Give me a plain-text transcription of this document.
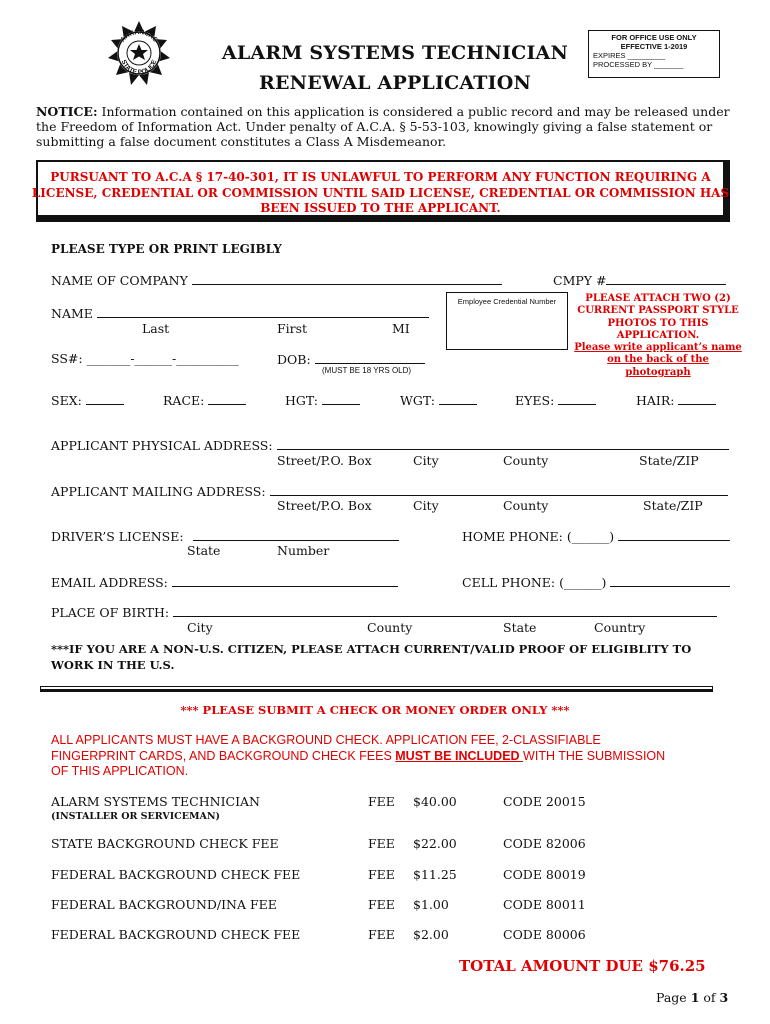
ARKANSAS
STATE POLICE	ALARM SYSTEMS TECHNICIAN
RENEWAL APPLICATION
FOR OFFICE USE ONLY
EFFECTIVE 1-2019
EXPIRES _________
PROCESSED BY _______
NOTICE: Information contained on this application is considered a public record and may be released under the Freedom of Information Act. Under penalty of A.C.A. § 5-53-103, knowingly giving a false statement or submitting a false document constitutes a Class A Misdemeanor.
PURSUANT TO A.C.A § 17-40-301, IT IS UNLAWFUL TO PERFORM ANY FUNCTION REQUIRING A
LICENSE, CREDENTIAL OR COMMISSION UNTIL SAID LICENSE, CREDENTIAL OR COMMISSION HAS
BEEN ISSUED TO THE APPLICANT.
PLEASE TYPE OR PRINT LEGIBLY
NAME OF COMPANY	CMPY #
Employee Credential Number	PLEASE ATTACH TWO (2)
CURRENT PASSPORT STYLE
PHOTOS TO THIS
APPLICATION.
Please write applicant’s name
on the back of the photograph
NAME
Last	First	MI
SS#: _______-______-__________	DOB:
(MUST BE 18 YRS OLD)
SEX:	RACE:	HGT:	WGT:	EYES:	HAIR:
APPLICANT PHYSICAL ADDRESS:
Street/P.O. Box	City	County	State/ZIP
APPLICANT MAILING ADDRESS:
Street/P.O. Box	City	County	State/ZIP
DRIVER’S LICENSE:
State	Number
HOME PHONE: (______)
EMAIL ADDRESS:	CELL PHONE: (______)
PLACE OF BIRTH:
City	County	State	Country
***IF YOU ARE A NON-U.S. CITIZEN, PLEASE ATTACH CURRENT/VALID PROOF OF ELIGIBLITY TO
WORK IN THE U.S.
*** PLEASE SUBMIT A CHECK OR MONEY ORDER ONLY ***
ALL APPLICANTS MUST HAVE A BACKGROUND CHECK. APPLICATION FEE, 2-CLASSIFIABLE
FINGERPRINT CARDS, AND BACKGROUND CHECK FEES MUST BE INCLUDED WITH THE SUBMISSION
OF THIS APPLICATION.
ALARM SYSTEMS TECHNICIAN
(INSTALLER OR SERVICEMAN)
FEE $40.00	CODE 20015
STATE BACKGROUND CHECK FEE	FEE $22.00	CODE 82006
FEDERAL BACKGROUND CHECK FEE	FEE $11.25	CODE 80019
FEDERAL BACKGROUND/INA FEE	FEE $1.00	CODE 80011
FEDERAL BACKGROUND CHECK FEE	FEE $2.00	CODE 80006
TOTAL AMOUNT DUE $76.25
Page 1 of 3
